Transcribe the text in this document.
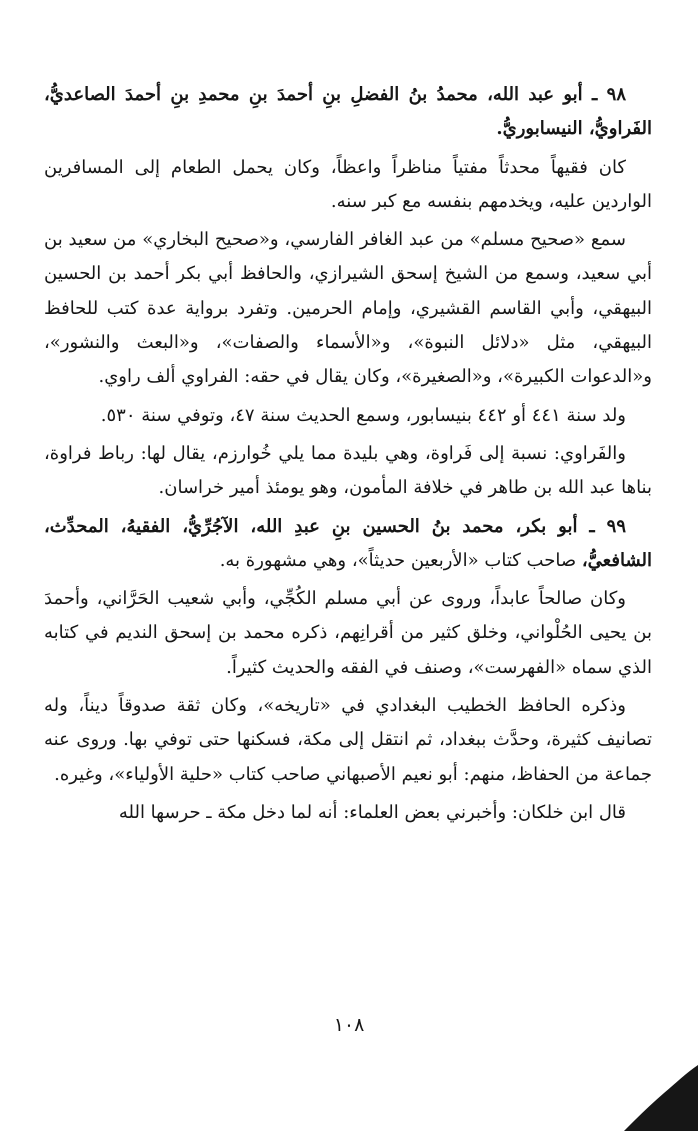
٩٨ ـ أبو عبد الله، محمدُ بنُ الفضلِ بنِ أحمدَ بنِ محمدِ بنِ أحمدَ الصاعديُّ، الفَراويُّ، النيسابوريُّ.

كان فقيهاً محدثاً مفتياً مناظراً واعظاً، وكان يحمل الطعام إلى المسافرين الواردين عليه، ويخدمهم بنفسه مع كبر سنه.

سمع «صحيح مسلم» من عبد الغافر الفارسي، و«صحيح البخاري» من سعيد بن أبي سعيد، وسمع من الشيخ إسحق الشيرازي، والحافظ أبي بكر أحمد بن الحسين البيهقي، وأبي القاسم القشيري، وإمام الحرمين. وتفرد برواية عدة كتب للحافظ البيهقي، مثل «دلائل النبوة»، و«الأسماء والصفات»، و«البعث والنشور»، و«الدعوات الكبيرة»، و«الصغيرة»، وكان يقال في حقه: الفراوي ألف راوي.

ولد سنة ٤٤١ أو ٤٤٢ بنيسابور، وسمع الحديث سنة ٤٧، وتوفي سنة ٥٣٠.

والفَراوي: نسبة إلى فَراوة، وهي بليدة مما يلي خُوارزم، يقال لها: رباط فراوة، بناها عبد الله بن طاهر في خلافة المأمون، وهو يومئذ أمير خراسان.

٩٩ ـ أبو بكر، محمد بنُ الحسين بنِ عبدِ الله، الآجُرِّيُّ، الفقيهُ، المحدِّث، الشافعيُّ، صاحب كتاب «الأربعين حديثاً»، وهي مشهورة به.

وكان صالحاً عابداً، وروى عن أبي مسلم الكُجِّي، وأبي شعيب الحَرَّاني، وأحمدَ بن يحيى الحُلْواني، وخلق كثير من أقرانِهم، ذكره محمد بن إسحق النديم في كتابه الذي سماه «الفهرست»، وصنف في الفقه والحديث كثيراً.

وذكره الحافظ الخطيب البغدادي في «تاريخه»، وكان ثقة صدوقاً ديناً، وله تصانيف كثيرة، وحدَّث ببغداد، ثم انتقل إلى مكة، فسكنها حتى توفي بها. وروى عنه جماعة من الحفاظ، منهم: أبو نعيم الأصبهاني صاحب كتاب «حلية الأولياء»، وغيره.

قال ابن خلكان: وأخبرني بعض العلماء: أنه لما دخل مكة ـ حرسها الله

١٠٨
